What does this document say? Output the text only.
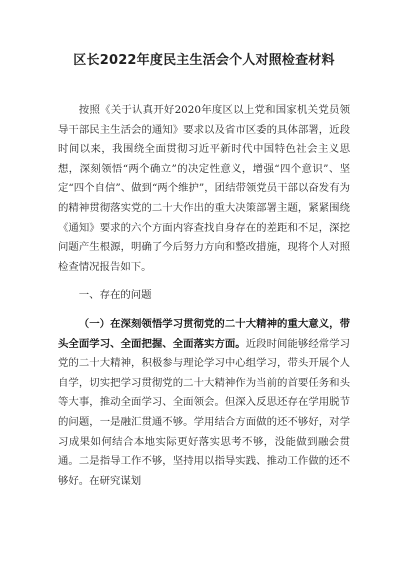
区长2022年度民主生活会个人对照检查材料

按照《关于认真开好2020年度区以上党和国家机关党员领导干部民主生活会的通知》要求以及省市区委的具体部署，近段时间以来，我围绕全面贯彻习近平新时代中国特色社会主义思想，深刻领悟“两个确立”的决定性意义，增强“四个意识”、坚定“四个自信”、做到“两个维护”，团结带领党员干部以奋发有为的精神贯彻落实党的二十大作出的重大决策部署主题，紧紧围绕《通知》要求的六个方面内容查找自身存在的差距和不足，深挖问题产生根源，明确了今后努力方向和整改措施，现将个人对照检查情况报告如下。

一、存在的问题

（一）在深刻领悟学习贯彻党的二十大精神的重大意义，带头全面学习、全面把握、全面落实方面。近段时间能够经常学习党的二十大精神，积极参与理论学习中心组学习，带头开展个人自学，切实把学习贯彻党的二十大精神作为当前的首要任务和头等大事，推动全面学习、全面领会。但深入反思还存在学用脱节的问题，一是融汇贯通不够。学用结合方面做的还不够好，对学习成果如何结合本地实际更好落实思考不够，没能做到融会贯通。二是指导工作不够，坚持用以指导实践、推动工作做的还不够好。在研究谋划
